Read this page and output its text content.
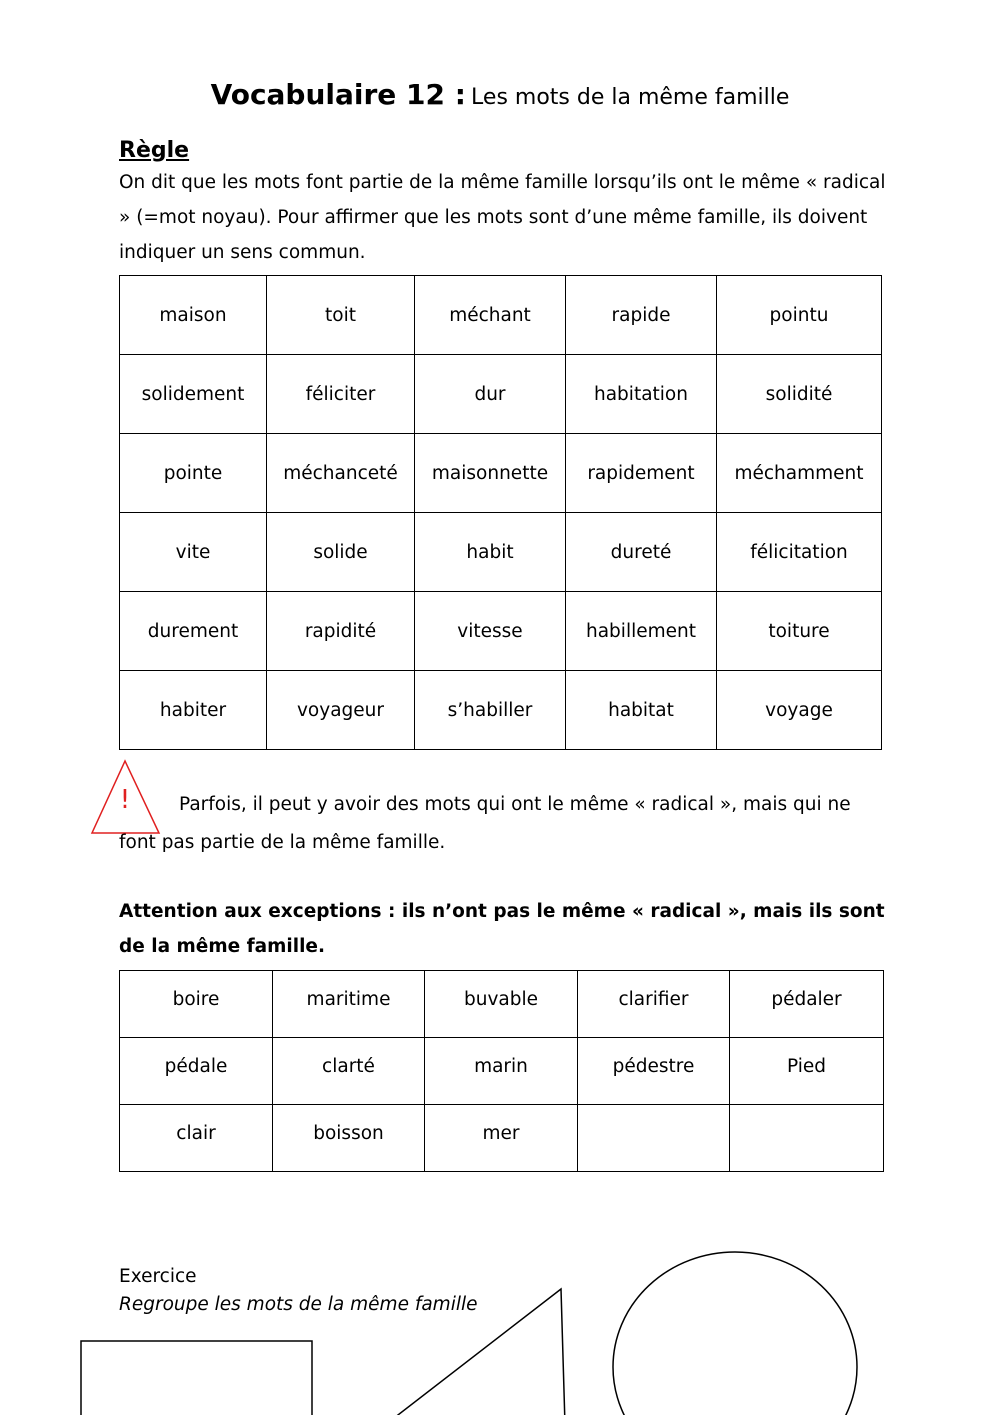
Vocabulaire 12 : Les mots de la même famille
Règle
On dit que les mots font partie de la même famille lorsqu’ils ont le même « radical » (=mot noyau). Pour affirmer que les mots sont d’une même famille, ils doivent indiquer un sens commun.
maison	toit	méchant	rapide	pointu
solidement	féliciter	dur	habitation	solidité
pointe	méchanceté	maisonnette	rapidement	méchamment
vite	solide	habit	dureté	félicitation
durement	rapidité	vitesse	habillement	toiture
habiter	voyageur	s’habiller	habitat	voyage
!	Parfois, il peut y avoir des mots qui ont le même « radical », mais qui ne font pas partie de la même famille.
Attention aux exceptions : ils n’ont pas le même « radical », mais ils sont de la même famille.
boire	maritime	buvable	clarifier	pédaler
pédale	clarté	marin	pédestre	Pied
clair	boisson	mer		
Exercice
Regroupe les mots de la même famille
